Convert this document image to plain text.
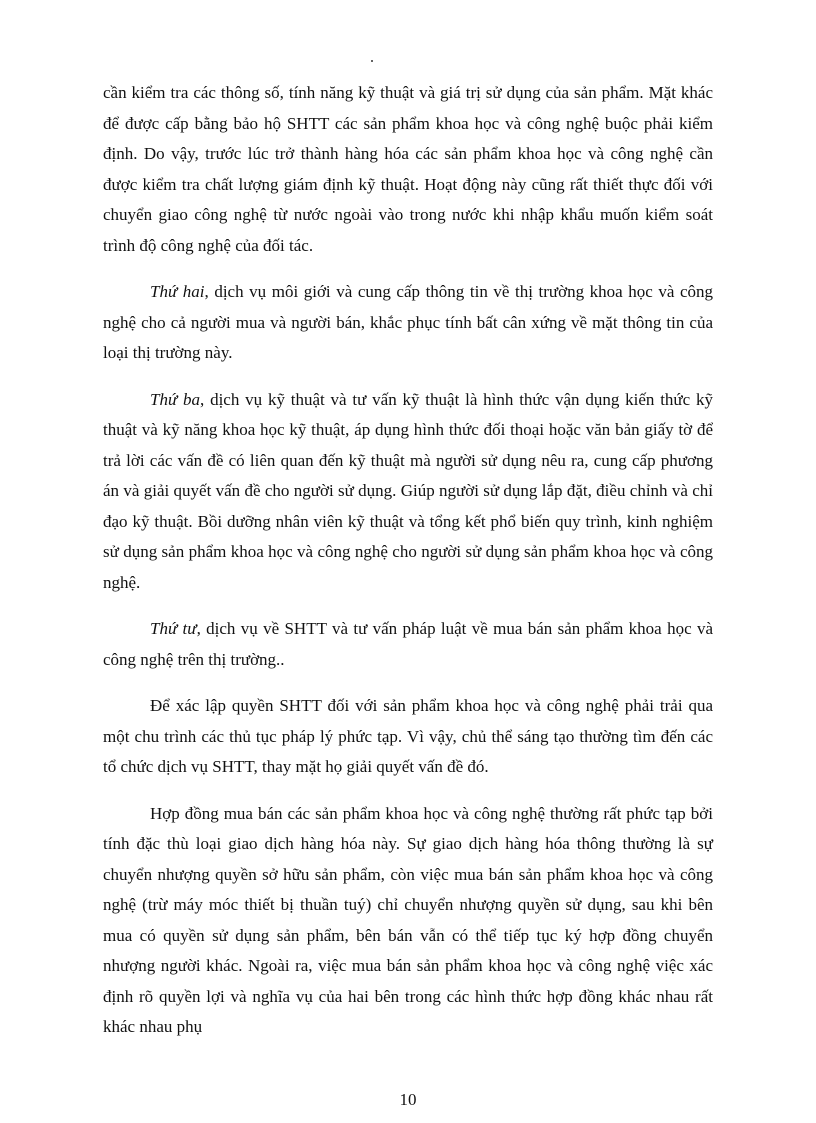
cần kiểm tra các thông số, tính năng kỹ thuật và giá trị sử dụng của sản phẩm. Mặt khác để được cấp bằng bảo hộ SHTT các sản phẩm khoa học và công nghệ buộc phải kiểm định. Do vậy, trước lúc trở thành hàng hóa các sản phẩm khoa học và công nghệ cần được kiểm tra chất lượng giám định kỹ thuật. Hoạt động này cũng rất thiết thực đối với chuyển giao công nghệ từ nước ngoài vào trong nước khi nhập khẩu muốn kiểm soát trình độ công nghệ của đối tác.

Thứ hai, dịch vụ môi giới và cung cấp thông tin về thị trường khoa học và công nghệ cho cả người mua và người bán, khắc phục tính bất cân xứng về mặt thông tin của loại thị trường này.

Thứ ba, dịch vụ kỹ thuật và tư vấn kỹ thuật là hình thức vận dụng kiến thức kỹ thuật và kỹ năng khoa học kỹ thuật, áp dụng hình thức đối thoại hoặc văn bản giấy tờ để trả lời các vấn đề có liên quan đến kỹ thuật mà người sử dụng nêu ra, cung cấp phương án và giải quyết vấn đề cho người sử dụng. Giúp người sử dụng lắp đặt, điều chỉnh và chỉ đạo kỹ thuật. Bồi dưỡng nhân viên kỹ thuật và tổng kết phổ biến quy trình, kinh nghiệm sử dụng sản phẩm khoa học và công nghệ cho người sử dụng sản phẩm khoa học và công nghệ.

Thứ tư, dịch vụ về SHTT và tư vấn pháp luật về mua bán sản phẩm khoa học và công nghệ trên thị trường..

Để xác lập quyền SHTT đối với sản phẩm khoa học và công nghệ phải trải qua một chu trình các thủ tục pháp lý phức tạp. Vì vậy, chủ thể sáng tạo thường tìm đến các tổ chức dịch vụ SHTT, thay mặt họ giải quyết vấn đề đó.

Hợp đồng mua bán các sản phẩm khoa học và công nghệ thường rất phức tạp bởi tính đặc thù loại giao dịch hàng hóa này. Sự giao dịch hàng hóa thông thường là sự chuyển nhượng quyền sở hữu sản phẩm, còn việc mua bán sản phẩm khoa học và công nghệ (trừ máy móc thiết bị thuần tuý) chỉ chuyển nhượng quyền sử dụng, sau khi bên mua có quyền sử dụng sản phẩm, bên bán vẫn có thể tiếp tục ký hợp đồng chuyển nhượng người khác. Ngoài ra, việc mua bán sản phẩm khoa học và công nghệ việc xác định rõ quyền lợi và nghĩa vụ của hai bên trong các hình thức hợp đồng khác nhau rất khác nhau phụ

10
